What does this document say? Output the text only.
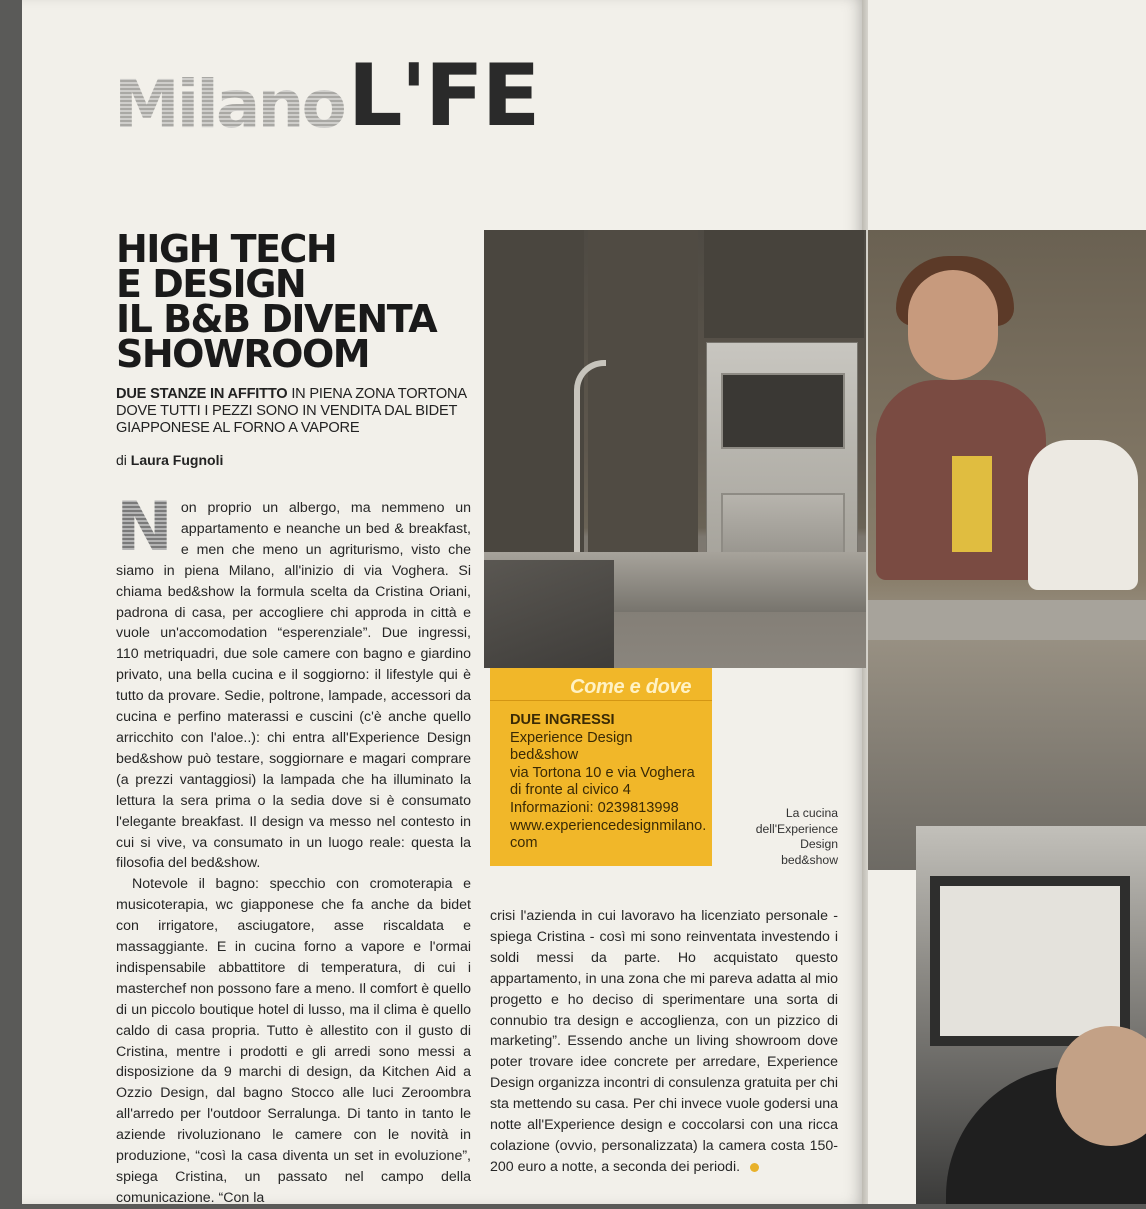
Milano L'FE
HIGH TECH
E DESIGN
IL B&B DIVENTA
SHOWROOM
DUE STANZE IN AFFITTO IN PIENA ZONA TORTONA DOVE TUTTI I PEZZI SONO IN VENDITA DAL BIDET GIAPPONESE AL FORNO A VAPORE
di Laura Fugnoli

N on proprio un albergo, ma nemmeno un appartamento e neanche un bed & breakfast, e men che meno un agriturismo, visto che siamo in piena Milano, all'inizio di via Voghera. Si chiama bed&show la formula scelta da Cristina Oriani, padrona di casa, per accogliere chi approda in città e vuole un'accomodation “esperenziale”. Due ingressi, 110 metriquadri, due sole camere con bagno e giardino privato, una bella cucina e il soggiorno: il lifestyle qui è tutto da provare. Sedie, poltrone, lampade, accessori da cucina e perfino materassi e cuscini (c'è anche quello arricchito con l'aloe..): chi entra all'Experience Design bed&show può testare, soggiornare e magari comprare (a prezzi vantaggiosi) la lampada che ha illuminato la lettura la sera prima o la sedia dove si è consumato l'elegante breakfast. Il design va messo nel contesto in cui si vive, va consumato in un luogo reale: questa la filosofia del bed&show.

Notevole il bagno: specchio con cromoterapia e musicoterapia, wc giapponese che fa anche da bidet con irrigatore, asciugatore, asse riscaldata e massaggiante. E in cucina forno a vapore e l'ormai indispensabile abbattitore di temperatura, di cui i masterchef non possono fare a meno. Il comfort è quello di un piccolo boutique hotel di lusso, ma il clima è quello caldo di casa propria. Tutto è allestito con il gusto di Cristina, mentre i prodotti e gli arredi sono messi a disposizione da 9 marchi di design, da Kitchen Aid a Ozzio Design, dal bagno Stocco alle luci Zeroombra all'arredo per l'outdoor Serralunga. Di tanto in tanto le aziende rivoluzionano le camere con le novità in produzione, “così la casa diventa un set in evoluzione”, spiega Cristina, un passato nel campo della comunicazione. “Con la

Come e dove
DUE INGRESSI
Experience Design
bed&show
via Tortona 10 e via Voghera
di fronte al civico 4
Informazioni: 0239813998
www.experiencedesignmilano.
com
La cucina
dell'Experience
Design
bed&show
crisi l'azienda in cui lavoravo ha licenziato personale - spiega Cristina - così mi sono reinventata investendo i soldi messi da parte. Ho acquistato questo appartamento, in una zona che mi pareva adatta al mio progetto e ho deciso di sperimentare una sorta di connubio tra design e accoglienza, con un pizzico di marketing”. Essendo anche un living showroom dove poter trovare idee concrete per arredare, Experience Design organizza incontri di consulenza gratuita per chi sta mettendo su casa. Per chi invece vuole godersi una notte all'Experience design e coccolarsi con una ricca colazione (ovvio, personalizzata) la camera costa 150-200 euro a notte, a seconda dei periodi.
